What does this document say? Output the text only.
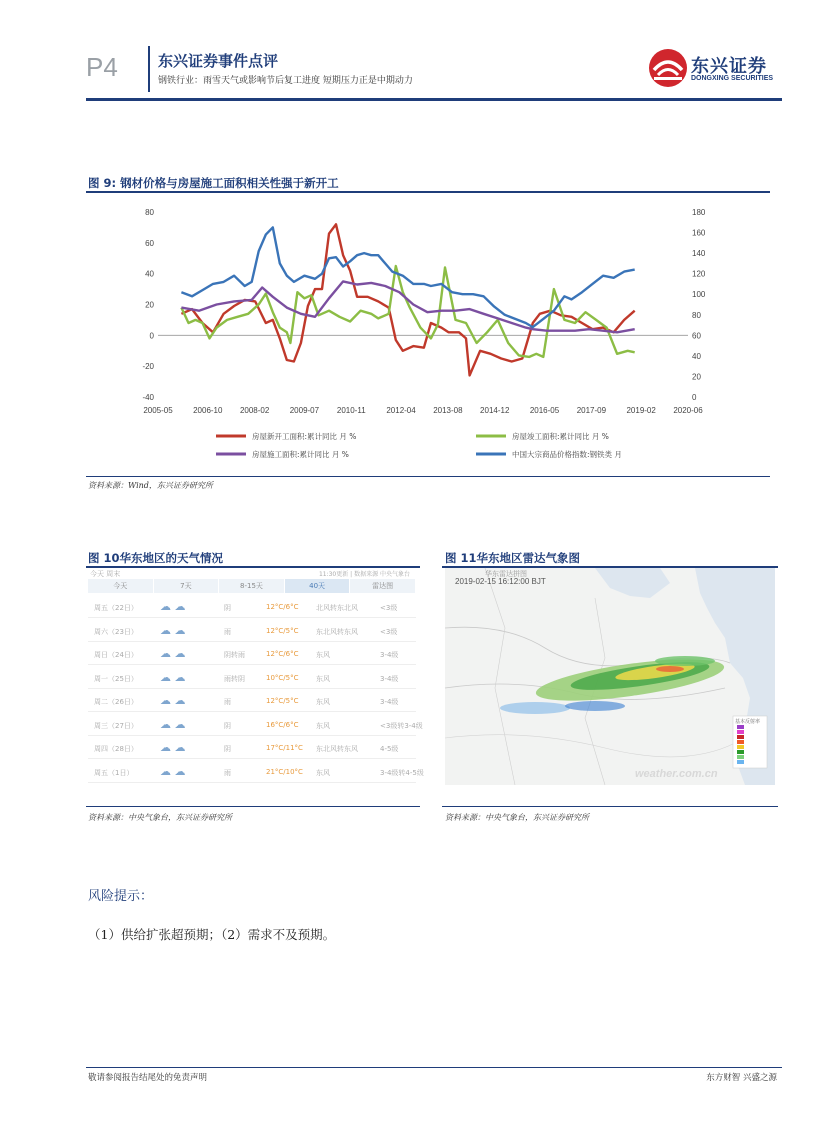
P4	东兴证券事件点评
钢铁行业：雨雪天气或影响节后复工进度 短期压力正是中期动力
东兴证券
DONGXING SECURITIES
图 9: 钢材价格与房屋施工面积相关性强于新开工
80
60
40
20
0
-20
-40
180
160
140
120
100
80
60
40
20
0
2005-05	2006-10 2008-02	2009-07 2010-11	2012-04 2013-08 2014-12	2016-05 2017-09	2019-02 2020-06
房屋新开工面积:累计同比 月 %	房屋竣工面积:累计同比 月 %
房屋施工面积:累计同比 月 %	中国大宗商品价格指数:钢铁类 月
资料来源：Wind，东兴证券研究所
图 10华东地区的天气情况
今天 周末	11:30更新 | 数据来源 中央气象台
今天	7天	8-15天	40天	雷达图
周五（22日）	阴	12°C/6°C	北风转东北风	<3级
☁ ☁
周六（23日）	雨	12°C/5°C	东北风转东风	<3级
☁ ☁
周日（24日）	阴转雨	12°C/6°C	东风	3-4级
☁ ☁
周一（25日）	雨转阴	10°C/5°C	东风	3-4级
☁ ☁
周二（26日）	雨	12°C/5°C	东风	3-4级
☁ ☁
周三（27日）	阴	16°C/6°C	东风	<3级转3-4级
☁ ☁
周四（28日）	阴	17°C/11°C 东北风转东风	4-5级
☁ ☁
周五（1日）	雨	21°C/10°C 东风	3-4级转4-5级
☁ ☁
资料来源：中央气象台，东兴证券研究所
图 11华东地区雷达气象图
华东雷达拼图
2019-02-15 16:12:00 BJT
基本反射率
weather.com.cn
资料来源：中央气象台，东兴证券研究所
风险提示：
（1）供给扩张超预期；（2）需求不及预期。
敬请参阅报告结尾处的免责声明	东方财智 兴盛之源
